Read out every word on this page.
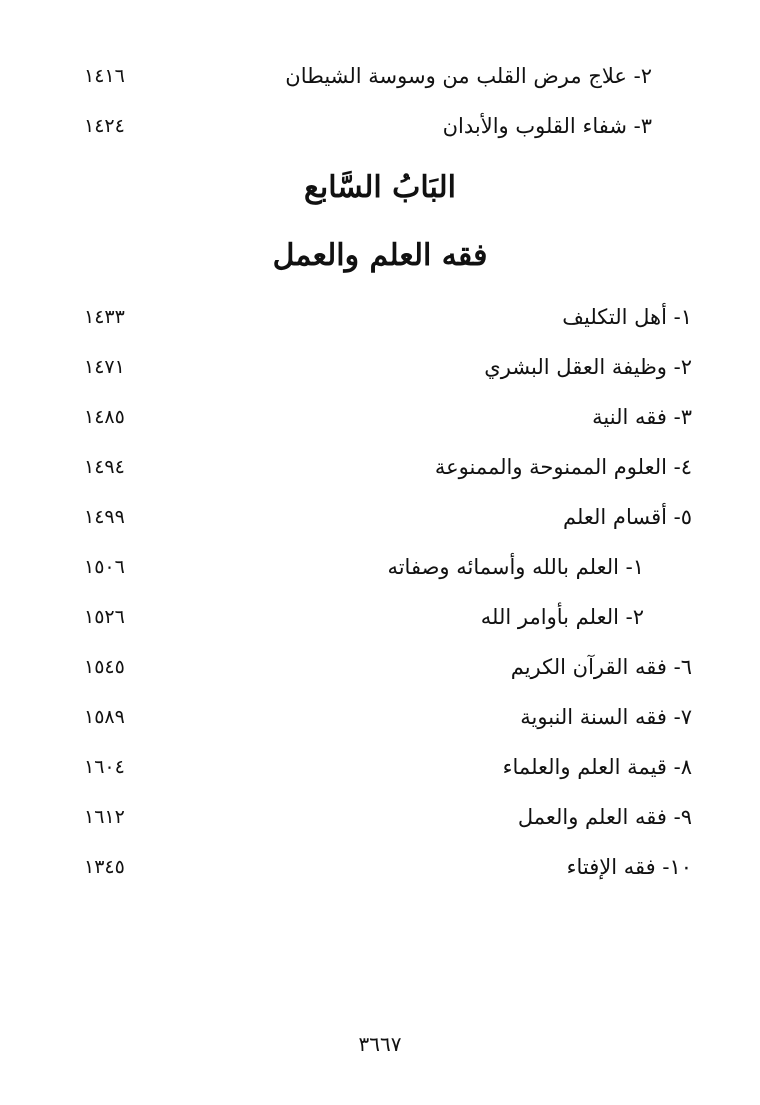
٢- علاج مرض القلب من وسوسة الشيطان
١٤١٦
٣- شفاء القلوب والأبدان
١٤٢٤
البَابُ السَّابع
فقه العلم والعمل
١- أهل التكليف
١٤٣٣
٢- وظيفة العقل البشري
١٤٧١
٣- فقه النية
١٤٨٥
٤- العلوم الممنوحة والممنوعة
١٤٩٤
٥- أقسام العلم
١٤٩٩
١- العلم بالله وأسمائه وصفاته
١٥٠٦
٢- العلم بأوامر الله
١٥٢٦
٦- فقه القرآن الكريم
١٥٤٥
٧- فقه السنة النبوية
١٥٨٩
٨- قيمة العلم والعلماء
١٦٠٤
٩- فقه العلم والعمل
١٦١٢
١٠- فقه الإفتاء
١٣٤٥
٣٦٦٧
